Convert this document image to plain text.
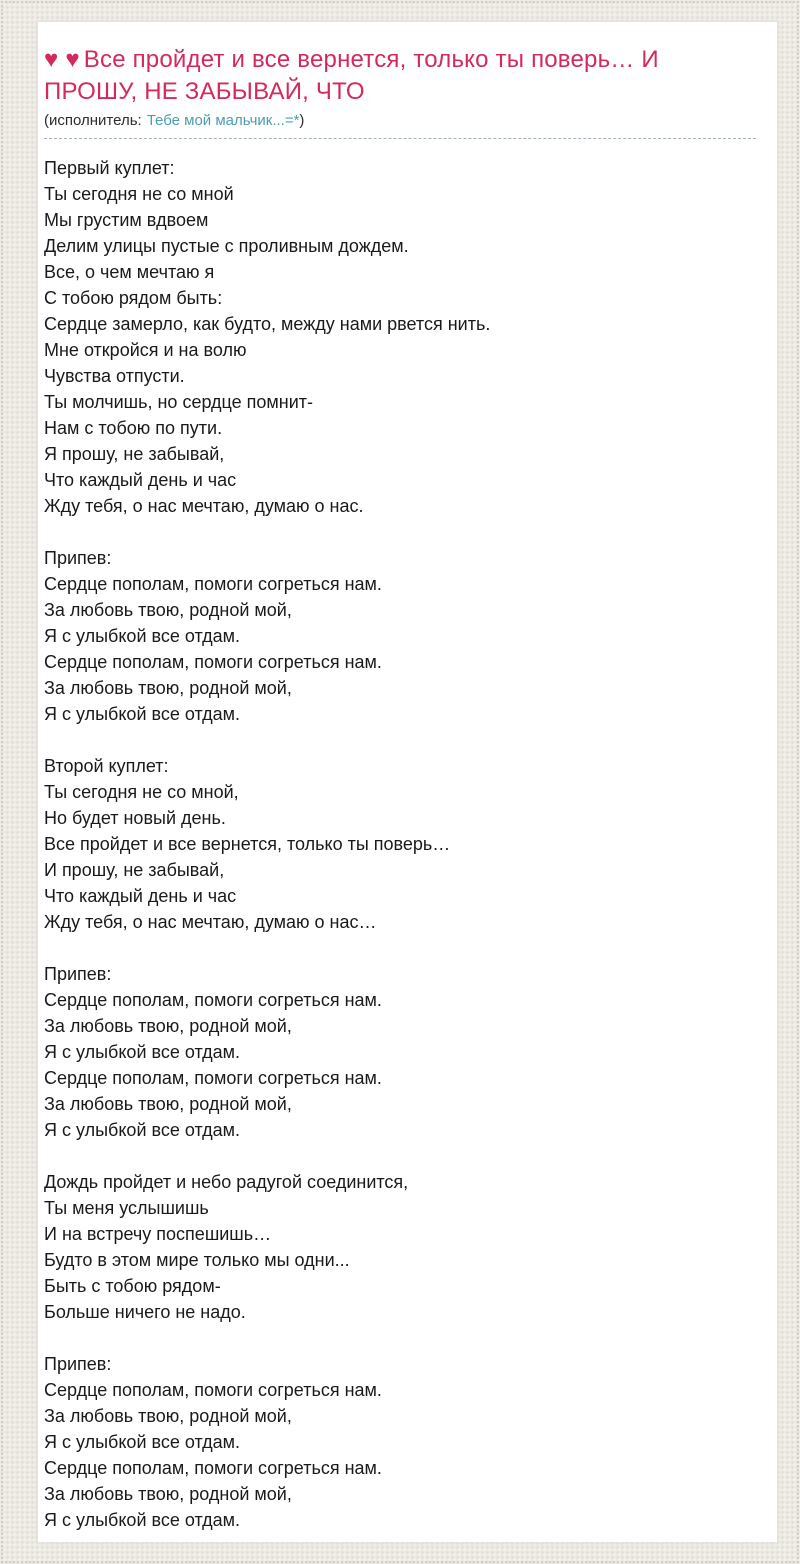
♥ ♥ Все пройдет и все вернется, только ты поверь… И
ПРОШУ, НЕ ЗАБЫВАЙ, ЧТО
(исполнитель: Тебе мой мальчик...=*)
Первый куплет:
Ты сегодня не со мной
Мы грустим вдвоем
Делим улицы пустые с проливным дождем.
Все, о чем мечтаю я
С тобою рядом быть:
Сердце замерло, как будто, между нами рвется нить.
Мне откройся и на волю
Чувства отпусти.
Ты молчишь, но сердце помнит-
Нам с тобою по пути.
Я прошу, не забывай,
Что каждый день и час
Жду тебя, о нас мечтаю, думаю о нас.
Припев:
Сердце пополам, помоги согреться нам.
За любовь твою, родной мой,
Я с улыбкой все отдам.
Сердце пополам, помоги согреться нам.
За любовь твою, родной мой,
Я с улыбкой все отдам.
Второй куплет:
Ты сегодня не со мной,
Но будет новый день.
Все пройдет и все вернется, только ты поверь…
И прошу, не забывай,
Что каждый день и час
Жду тебя, о нас мечтаю, думаю о нас…
Припев:
Сердце пополам, помоги согреться нам.
За любовь твою, родной мой,
Я с улыбкой все отдам.
Сердце пополам, помоги согреться нам.
За любовь твою, родной мой,
Я с улыбкой все отдам.
Дождь пройдет и небо радугой соединится,
Ты меня услышишь
И на встречу поспешишь…
Будто в этом мире только мы одни...
Быть с тобою рядом-
Больше ничего не надо.
Припев:
Сердце пополам, помоги согреться нам.
За любовь твою, родной мой,
Я с улыбкой все отдам.
Сердце пополам, помоги согреться нам.
За любовь твою, родной мой,
Я с улыбкой все отдам.
